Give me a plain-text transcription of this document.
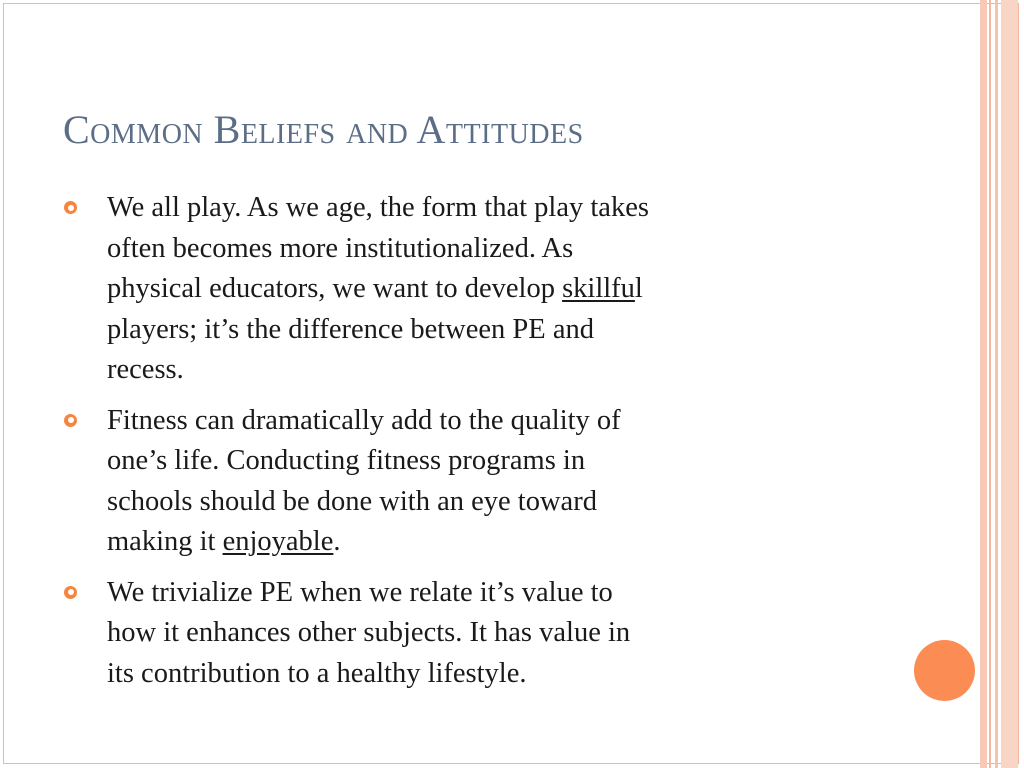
Common Beliefs and Attitudes
We all play. As we age, the form that play takes
often becomes more institutionalized. As
physical educators, we want to develop skillful
players; it’s the difference between PE and
recess.
Fitness can dramatically add to the quality of
one’s life. Conducting fitness programs in
schools should be done with an eye toward
making it enjoyable.
We trivialize PE when we relate it’s value to
how it enhances other subjects. It has value in
its contribution to a healthy lifestyle.
